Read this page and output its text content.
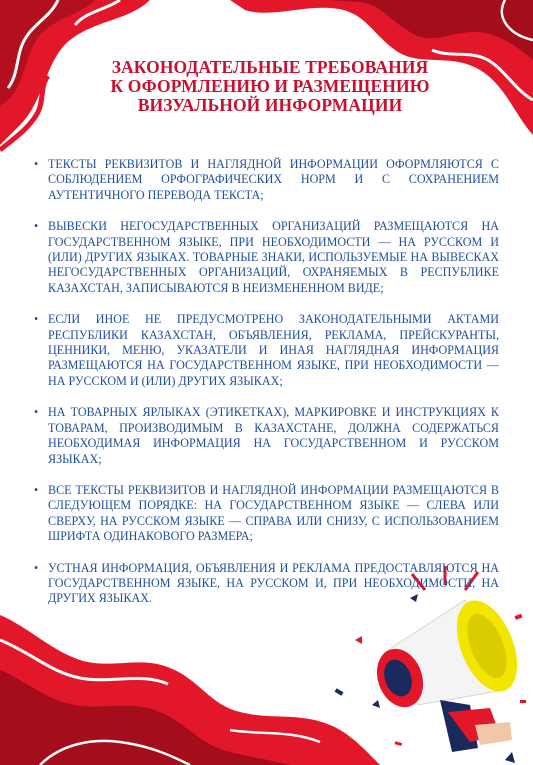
ЗАКОНОДАТЕЛЬНЫЕ ТРЕБОВАНИЯ
К ОФОРМЛЕНИЮ И РАЗМЕЩЕНИЮ
ВИЗУАЛЬНОЙ ИНФОРМАЦИИ
• ТЕКСТЫ РЕКВИЗИТОВ И НАГЛЯДНОЙ ИНФОРМАЦИИ ОФОРМЛЯЮТСЯ С СОБЛЮДЕНИЕМ ОРФОГРАФИЧЕСКИХ НОРМ И С СОХРАНЕНИЕМ АУТЕНТИЧНОГО ПЕРЕВОДА ТЕКСТА;
• ВЫВЕСКИ НЕГОСУДАРСТВЕННЫХ ОРГАНИЗАЦИЙ РАЗМЕЩАЮТСЯ НА ГОСУДАРСТВЕННОМ ЯЗЫКЕ, ПРИ НЕОБХОДИМОСТИ — НА РУССКОМ И (ИЛИ) ДРУГИХ ЯЗЫКАХ. ТОВАРНЫЕ ЗНАКИ, ИСПОЛЬЗУЕМЫЕ НА ВЫВЕСКАХ НЕГОСУДАРСТВЕННЫХ ОРГАНИЗАЦИЙ, ОХРАНЯЕМЫХ В РЕСПУБЛИКЕ КАЗАХСТАН, ЗАПИСЫВАЮТСЯ В НЕИЗМЕНЕННОМ ВИДЕ;
• ЕСЛИ ИНОЕ НЕ ПРЕДУСМОТРЕНО ЗАКОНОДАТЕЛЬНЫМИ АКТАМИ РЕСПУБЛИКИ КАЗАХСТАН, ОБЪЯВЛЕНИЯ, РЕКЛАМА, ПРЕЙСКУРАНТЫ, ЦЕННИКИ, МЕНЮ, УКАЗАТЕЛИ И ИНАЯ НАГЛЯДНАЯ ИНФОРМАЦИЯ РАЗМЕЩАЮТСЯ НА ГОСУДАРСТВЕННОМ ЯЗЫКЕ, ПРИ НЕОБХОДИМОСТИ — НА РУССКОМ И (ИЛИ) ДРУГИХ ЯЗЫКАХ;
• НА ТОВАРНЫХ ЯРЛЫКАХ (ЭТИКЕТКАХ), МАРКИРОВКЕ И ИНСТРУКЦИЯХ К ТОВАРАМ, ПРОИЗВОДИМЫМ В КАЗАХСТАНЕ, ДОЛЖНА СОДЕРЖАТЬСЯ НЕОБХОДИМАЯ ИНФОРМАЦИЯ НА ГОСУДАРСТВЕННОМ И РУССКОМ ЯЗЫКАХ;
• ВСЕ ТЕКСТЫ РЕКВИЗИТОВ И НАГЛЯДНОЙ ИНФОРМАЦИИ РАЗМЕЩАЮТСЯ В СЛЕДУЮЩЕМ ПОРЯДКЕ: НА ГОСУДАРСТВЕННОМ ЯЗЫКЕ — СЛЕВА ИЛИ СВЕРХУ, НА РУССКОМ ЯЗЫКЕ — СПРАВА ИЛИ СНИЗУ, С ИСПОЛЬЗОВАНИЕМ ШРИФТА ОДИНАКОВОГО РАЗМЕРА;
• УСТНАЯ ИНФОРМАЦИЯ, ОБЪЯВЛЕНИЯ И РЕКЛАМА ПРЕДОСТАВЛЯЮТСЯ НА ГОСУДАРСТВЕННОМ ЯЗЫКЕ, НА РУССКОМ И, ПРИ НЕОБХОДИМОСТИ, НА ДРУГИХ ЯЗЫКАХ.
